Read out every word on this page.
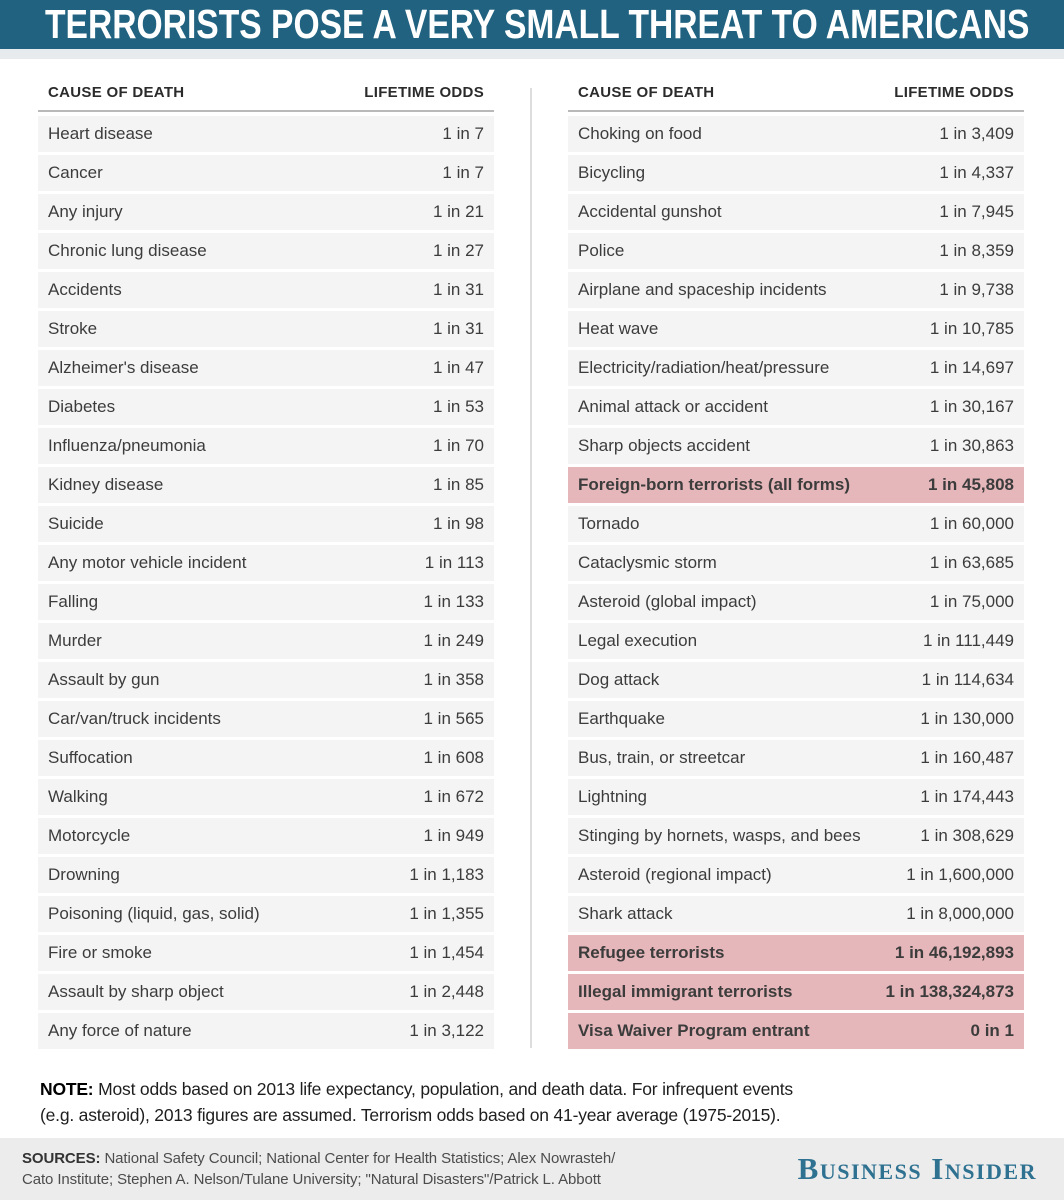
TERRORISTS POSE A VERY SMALL THREAT TO AMERICANS
CAUSE OF DEATH	LIFETIME ODDS
Heart disease	1 in 7
Cancer	1 in 7
Any injury	1 in 21
Chronic lung disease	1 in 27
Accidents	1 in 31
Stroke	1 in 31
Alzheimer's disease	1 in 47
Diabetes	1 in 53
Influenza/pneumonia	1 in 70
Kidney disease	1 in 85
Suicide	1 in 98
Any motor vehicle incident	1 in 113
Falling	1 in 133
Murder	1 in 249
Assault by gun	1 in 358
Car/van/truck incidents	1 in 565
Suffocation	1 in 608
Walking	1 in 672
Motorcycle	1 in 949
Drowning	1 in 1,183
Poisoning (liquid, gas, solid)	1 in 1,355
Fire or smoke	1 in 1,454
Assault by sharp object	1 in 2,448
Any force of nature	1 in 3,122
CAUSE OF DEATH	LIFETIME ODDS
Choking on food	1 in 3,409
Bicycling	1 in 4,337
Accidental gunshot	1 in 7,945
Police	1 in 8,359
Airplane and spaceship incidents	1 in 9,738
Heat wave	1 in 10,785
Electricity/radiation/heat/pressure	1 in 14,697
Animal attack or accident	1 in 30,167
Sharp objects accident	1 in 30,863
Foreign-born terrorists (all forms)	1 in 45,808
Tornado	1 in 60,000
Cataclysmic storm	1 in 63,685
Asteroid (global impact)	1 in 75,000
Legal execution	1 in 111,449
Dog attack	1 in 114,634
Earthquake	1 in 130,000
Bus, train, or streetcar	1 in 160,487
Lightning	1 in 174,443
Stinging by hornets, wasps, and bees	1 in 308,629
Asteroid (regional impact)	1 in 1,600,000
Shark attack	1 in 8,000,000
Refugee terrorists	1 in 46,192,893
Illegal immigrant terrorists	1 in 138,324,873
Visa Waiver Program entrant	0 in 1

NOTE: Most odds based on 2013 life expectancy, population, and death data. For infrequent events
(e.g. asteroid), 2013 figures are assumed. Terrorism odds based on 41-year average (1975-2015).

SOURCES: National Safety Council; National Center for Health Statistics; Alex Nowrasteh/
Cato Institute; Stephen A. Nelson/Tulane University; "Natural Disasters"/Patrick L. Abbott	Business Insider
